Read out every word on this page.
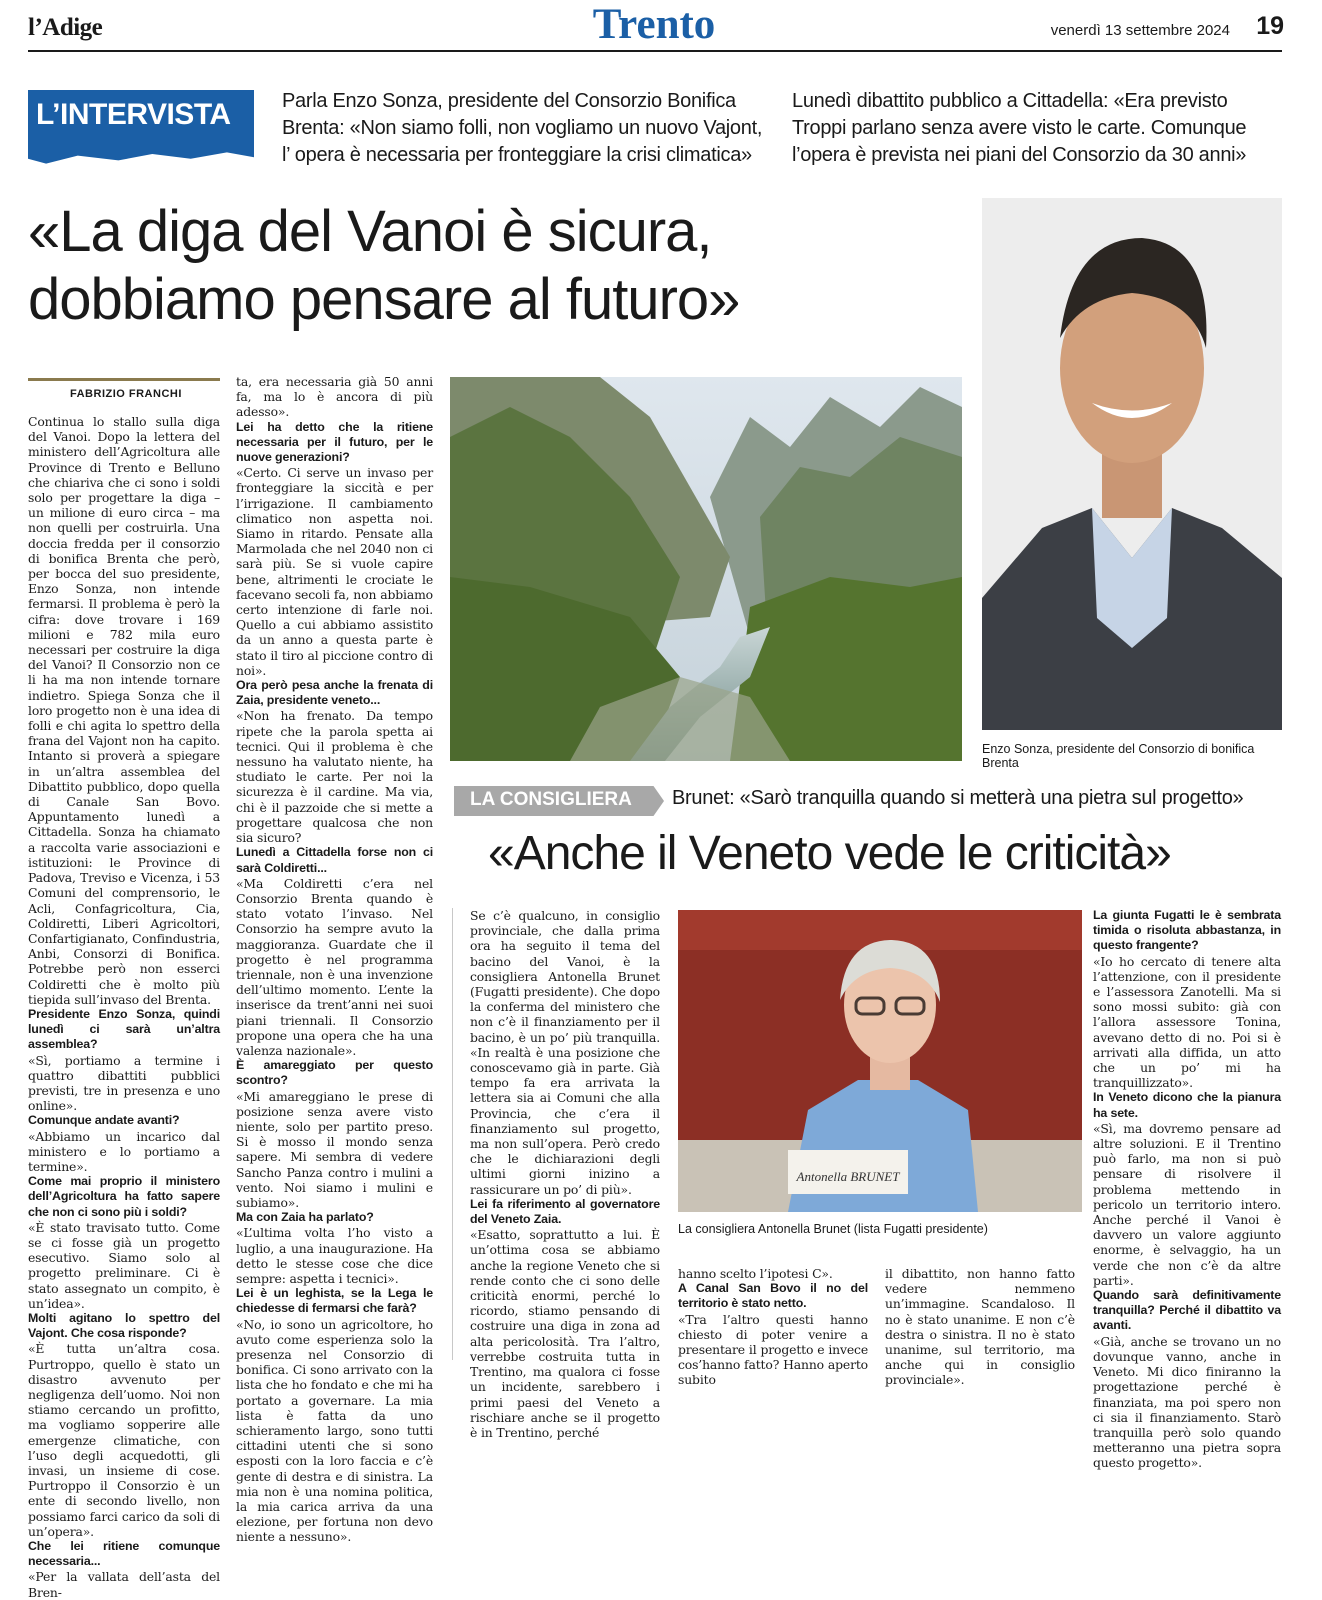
l’Adige	Trento	venerdì 13 settembre 2024	19
L’INTERVISTA	Parla Enzo Sonza, presidente del Consorzio Bonifica Brenta: «Non siamo folli, non vogliamo un nuovo Vajont, l’ opera è necessaria per fronteggiare la crisi climatica»
Lunedì dibattito pubblico a Cittadella: «Era previsto Troppi parlano senza avere visto le carte. Comunque l’opera è prevista nei piani del Consorzio da 30 anni»
«La diga del Vanoi è sicura,
dobbiamo pensare al futuro»
FABRIZIO FRANCHI

Continua lo stallo sulla diga del Vanoi. Dopo la lettera del ministero dell’Agricoltura alle Province di Trento e Belluno che chiariva che ci sono i soldi solo per progettare la diga – un milione di euro circa – ma non quelli per costruirla. Una doccia fredda per il consorzio di bonifica Brenta che però, per bocca del suo presidente, Enzo Sonza, non intende fermarsi. Il problema è però la cifra: dove trovare i 169 milioni e 782 mila euro necessari per costruire la diga del Vanoi? Il Consorzio non ce li ha ma non intende tornare indietro. Spiega Sonza che il loro progetto non è una idea di folli e chi agita lo spettro della frana del Vajont non ha capito. Intanto si proverà a spiegare in un’altra assemblea del Dibattito pubblico, dopo quella di Canale San Bovo. Appuntamento lunedì a Cittadella. Sonza ha chiamato a raccolta varie associazioni e istituzioni: le Province di Padova, Treviso e Vicenza, i 53 Comuni del comprensorio, le Acli, Confagricoltura, Cia, Coldiretti, Liberi Agricoltori, Confartigianato, Confindustria, Anbi, Consorzi di Bonifica. Potrebbe però non esserci Coldiretti che è molto più tiepida sull’invaso del Brenta.

Presidente Enzo Sonza, quindi lunedì ci sarà un’altra assemblea?

«Sì, portiamo a termine i quattro dibattiti pubblici previsti, tre in presenza e uno online».

Comunque andate avanti?

«Abbiamo un incarico dal ministero e lo portiamo a termine».

Come mai proprio il ministero dell’Agricoltura ha fatto sapere che non ci sono più i soldi?

«È stato travisato tutto. Come se ci fosse già un progetto esecutivo. Siamo solo al progetto preliminare. Ci è stato assegnato un compito, è un’idea».

Molti agitano lo spettro del Vajont. Che cosa risponde?

«È tutta un’altra cosa. Purtroppo, quello è stato un disastro avvenuto per negligenza dell’uomo. Noi non stiamo cercando un profitto, ma vogliamo sopperire alle emergenze climatiche, con l’uso degli acquedotti, gli invasi, un insieme di cose. Purtroppo il Consorzio è un ente di secondo livello, non possiamo farci carico da soli di un’opera».

Che lei ritiene comunque necessaria...

«Per la vallata dell’asta del Bren-

ta, era necessaria già 50 anni fa, ma lo è ancora di più adesso».

Lei ha detto che la ritiene necessaria per il futuro, per le nuove generazioni?

«Certo. Ci serve un invaso per fronteggiare la siccità e per l’irrigazione. Il cambiamento climatico non aspetta noi. Siamo in ritardo. Pensate alla Marmolada che nel 2040 non ci sarà più. Se si vuole capire bene, altrimenti le crociate le facevano secoli fa, non abbiamo certo intenzione di farle noi. Quello a cui abbiamo assistito da un anno a questa parte è stato il tiro al piccione contro di noi».

Ora però pesa anche la frenata di Zaia, presidente veneto...

«Non ha frenato. Da tempo ripete che la parola spetta ai tecnici. Qui il problema è che nessuno ha valutato niente, ha studiato le carte. Per noi la sicurezza è il cardine. Ma via, chi è il pazzoide che si mette a progettare qualcosa che non sia sicuro?

Lunedì a Cittadella forse non ci sarà Coldiretti...

«Ma Coldiretti c’era nel Consorzio Brenta quando è stato votato l’invaso. Nel Consorzio ha sempre avuto la maggioranza. Guardate che il progetto è nel programma triennale, non è una invenzione dell’ultimo momento. L’ente la inserisce da trent’anni nei suoi piani triennali. Il Consorzio propone una opera che ha una valenza nazionale».

È amareggiato per questo scontro?

«Mi amareggiano le prese di posizione senza avere visto niente, solo per partito preso. Si è mosso il mondo senza sapere. Mi sembra di vedere Sancho Panza contro i mulini a vento. Noi siamo i mulini e subiamo».

Ma con Zaia ha parlato?

«L’ultima volta l’ho visto a luglio, a una inaugurazione. Ha detto le stesse cose che dice sempre: aspetta i tecnici».

Lei è un leghista, se la Lega le chiedesse di fermarsi che farà?

«No, io sono un agricoltore, ho avuto come esperienza solo la presenza nel Consorzio di bonifica. Ci sono arrivato con la lista che ho fondato e che mi ha portato a governare. La mia lista è fatta da uno schieramento largo, sono tutti cittadini utenti che si sono esposti con la loro faccia e c’è gente di destra e di sinistra. La mia non è una nomina politica, la mia carica arriva da una elezione, per fortuna non devo niente a nessuno».

Enzo Sonza, presidente del Consorzio di bonifica Brenta
LA CONSIGLIERA Brunet: «Sarò tranquilla quando si metterà una pietra sul progetto»
«Anche il Veneto vede le criticità»

Se c’è qualcuno, in consiglio provinciale, che dalla prima ora ha seguito il tema del bacino del Vanoi, è la consigliera Antonella Brunet (Fugatti presidente). Che dopo la conferma del ministero che non c’è il finanziamento per il bacino, è un po’ più tranquilla. «In realtà è una posizione che conoscevamo già in parte. Già tempo fa era arrivata la lettera sia ai Comuni che alla Provincia, che c’era il finanziamento sul progetto, ma non sull’opera. Però credo che le dichiarazioni degli ultimi giorni inizino a rassicurare un po’ di più».

Lei fa riferimento al governatore del Veneto Zaia.

«Esatto, soprattutto a lui. È un’ottima cosa se abbiamo anche la regione Veneto che si rende conto che ci sono delle criticità enormi, perché lo ricordo, stiamo pensando di costruire una diga in zona ad alta pericolosità. Tra l’altro, verrebbe costruita tutta in Trentino, ma qualora ci fosse un incidente, sarebbero i primi paesi del Veneto a rischiare anche se il progetto è in Trentino, perché

Antonella BRUNET
La consigliera Antonella Brunet (lista Fugatti presidente)

hanno scelto l’ipotesi C».

A Canal San Bovo il no del territorio è stato netto.

«Tra l’altro questi hanno chiesto di poter venire a presentare il progetto e invece cos’hanno fatto? Hanno aperto subito

il dibattito, non hanno fatto vedere nemmeno un’immagine. Scandaloso. Il no è stato unanime. E non c’è destra o sinistra. Il no è stato unanime, sul territorio, ma anche qui in consiglio provinciale».

La giunta Fugatti le è sembrata timida o risoluta abbastanza, in questo frangente?

«Io ho cercato di tenere alta l’attenzione, con il presidente e l’assessora Zanotelli. Ma si sono mossi subito: già con l’allora assessore Tonina, avevano detto di no. Poi si è arrivati alla diffida, un atto che un po’ mi ha tranquillizzato».

In Veneto dicono che la pianura ha sete.

«Sì, ma dovremo pensare ad altre soluzioni. E il Trentino può farlo, ma non si può pensare di risolvere il problema mettendo in pericolo un territorio intero. Anche perché il Vanoi è davvero un valore aggiunto enorme, è selvaggio, ha un verde che non c’è da altre parti».

Quando sarà definitivamente tranquilla? Perché il dibattito va avanti.

«Già, anche se trovano un no dovunque vanno, anche in Veneto. Mi dico finiranno la progettazione perché è finanziata, ma poi spero non ci sia il finanziamento. Starò tranquilla però solo quando metteranno una pietra sopra questo progetto».
